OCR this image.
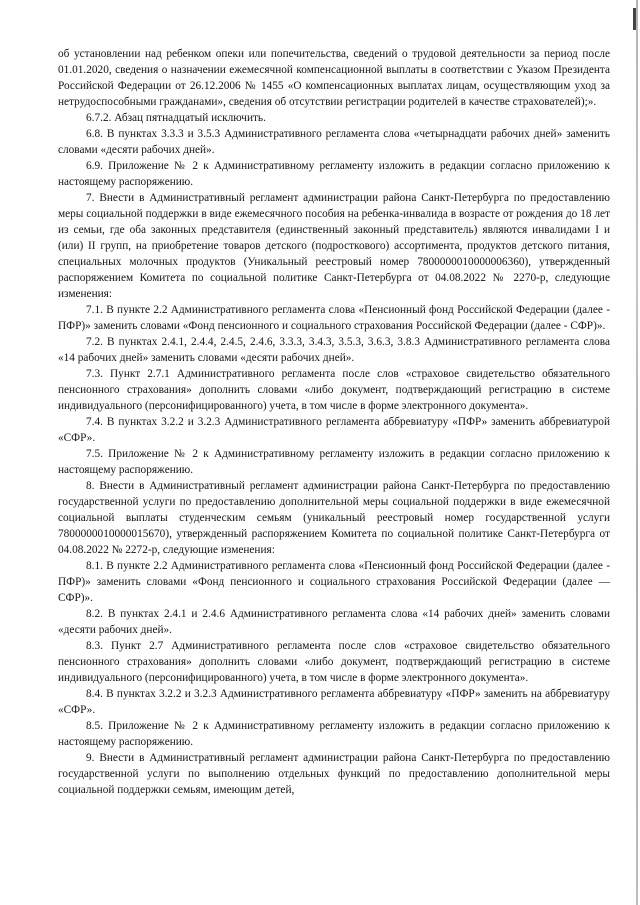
об установлении над ребенком опеки или попечительства, сведений о трудовой деятельности за период после 01.01.2020, сведения о назначении ежемесячной компенсационной выплаты в соответствии с Указом Президента Российской Федерации от 26.12.2006 № 1455 «О компенсационных выплатах лицам, осуществляющим уход за нетрудоспособными гражданами», сведения об отсутствии регистрации родителей в качестве страхователей);».

6.7.2. Абзац пятнадцатый исключить.

6.8. В пунктах 3.3.3 и 3.5.3 Административного регламента слова «четырнадцати рабочих дней» заменить словами «десяти рабочих дней».

6.9. Приложение № 2 к Административному регламенту изложить в редакции согласно приложению к настоящему распоряжению.

7. Внести в Административный регламент администрации района Санкт-Петербурга по предоставлению меры социальной поддержки в виде ежемесячного пособия на ребенка-инвалида в возрасте от рождения до 18 лет из семьи, где оба законных представителя (единственный законный представитель) являются инвалидами I и (или) II групп, на приобретение товаров детского (подросткового) ассортимента, продуктов детского питания, специальных молочных продуктов (Уникальный реестровый номер 7800000010000006360), утвержденный распоряжением Комитета по социальной политике Санкт-Петербурга от 04.08.2022 № 2270-р, следующие изменения:

7.1. В пункте 2.2 Административного регламента слова «Пенсионный фонд Российской Федерации (далее - ПФР)» заменить словами «Фонд пенсионного и социального страхования Российской Федерации (далее - СФР)».

7.2. В пунктах 2.4.1, 2.4.4, 2.4.5, 2.4.6, 3.3.3, 3.4.3, 3.5.3, 3.6.3, 3.8.3 Административного регламента слова «14 рабочих дней» заменить словами «десяти рабочих дней».

7.3. Пункт 2.7.1 Административного регламента после слов «страховое свидетельство обязательного пенсионного страхования» дополнить словами «либо документ, подтверждающий регистрацию в системе индивидуального (персонифицированного) учета, в том числе в форме электронного документа».

7.4. В пунктах 3.2.2 и 3.2.3 Административного регламента аббревиатуру «ПФР» заменить аббревиатурой «СФР».

7.5. Приложение № 2 к Административному регламенту изложить в редакции согласно приложению к настоящему распоряжению.

8. Внести в Административный регламент администрации района Санкт-Петербурга по предоставлению государственной услуги по предоставлению дополнительной меры социальной поддержки в виде ежемесячной социальной выплаты студенческим семьям (уникальный реестровый номер государственной услуги 7800000010000015670), утвержденный распоряжением Комитета по социальной политике Санкт-Петербурга от 04.08.2022 № 2272-р, следующие изменения:

8.1. В пункте 2.2 Административного регламента слова «Пенсионный фонд Российской Федерации (далее - ПФР)» заменить словами «Фонд пенсионного и социального страхования Российской Федерации (далее — СФР)».

8.2. В пунктах 2.4.1 и 2.4.6 Административного регламента слова «14 рабочих дней» заменить словами «десяти рабочих дней».

8.3. Пункт 2.7 Административного регламента после слов «страховое свидетельство обязательного пенсионного страхования» дополнить словами «либо документ, подтверждающий регистрацию в системе индивидуального (персонифицированного) учета, в том числе в форме электронного документа».

8.4. В пунктах 3.2.2 и 3.2.3 Административного регламента аббревиатуру «ПФР» заменить на аббревиатуру «СФР».

8.5. Приложение № 2 к Административному регламенту изложить в редакции согласно приложению к настоящему распоряжению.

9. Внести в Административный регламент администрации района Санкт-Петербурга по предоставлению государственной услуги по выполнению отдельных функций по предоставлению дополнительной меры социальной поддержки семьям, имеющим детей,
